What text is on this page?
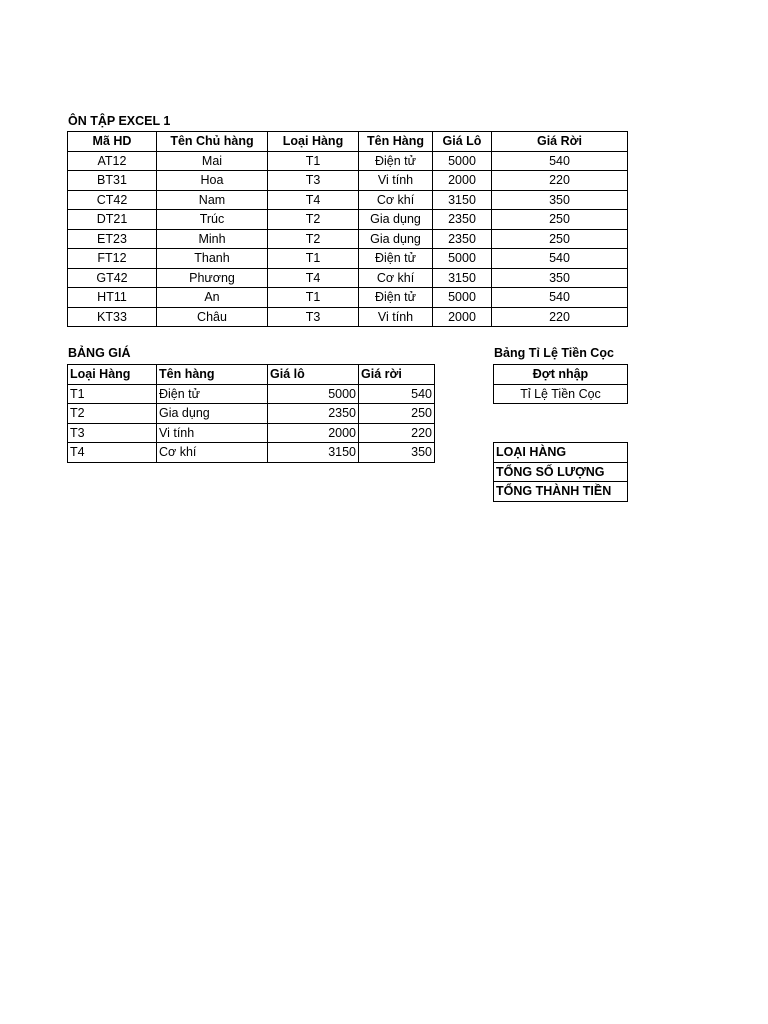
ÔN TẬP EXCEL 1
Mã HD	Tên Chủ hàng	Loại Hàng	Tên Hàng	Giá Lô	Giá Rời
AT12	Mai	T1	Điện tử	5000	540
BT31	Hoa	T3	Vi tính	2000	220
CT42	Nam	T4	Cơ khí	3150	350
DT21	Trúc	T2	Gia dụng	2350	250
ET23	Minh	T2	Gia dụng	2350	250
FT12	Thanh	T1	Điện tử	5000	540
GT42	Phương	T4	Cơ khí	3150	350
HT11	An	T1	Điện tử	5000	540
KT33	Châu	T3	Vi tính	2000	220
BẢNG GIÁ
Loại Hàng	Tên hàng	Giá lô	Giá rời
T1	Điện tử	5000	540
T2	Gia dụng	2350	250
T3	Vi tính	2000	220
T4	Cơ khí	3150	350
Bảng Tỉ Lệ Tiền Cọc
Đợt nhập
Tỉ Lệ Tiền Cọc
LOẠI HÀNG
TỔNG SỐ LƯỢNG
TỔNG THÀNH TIỀN
